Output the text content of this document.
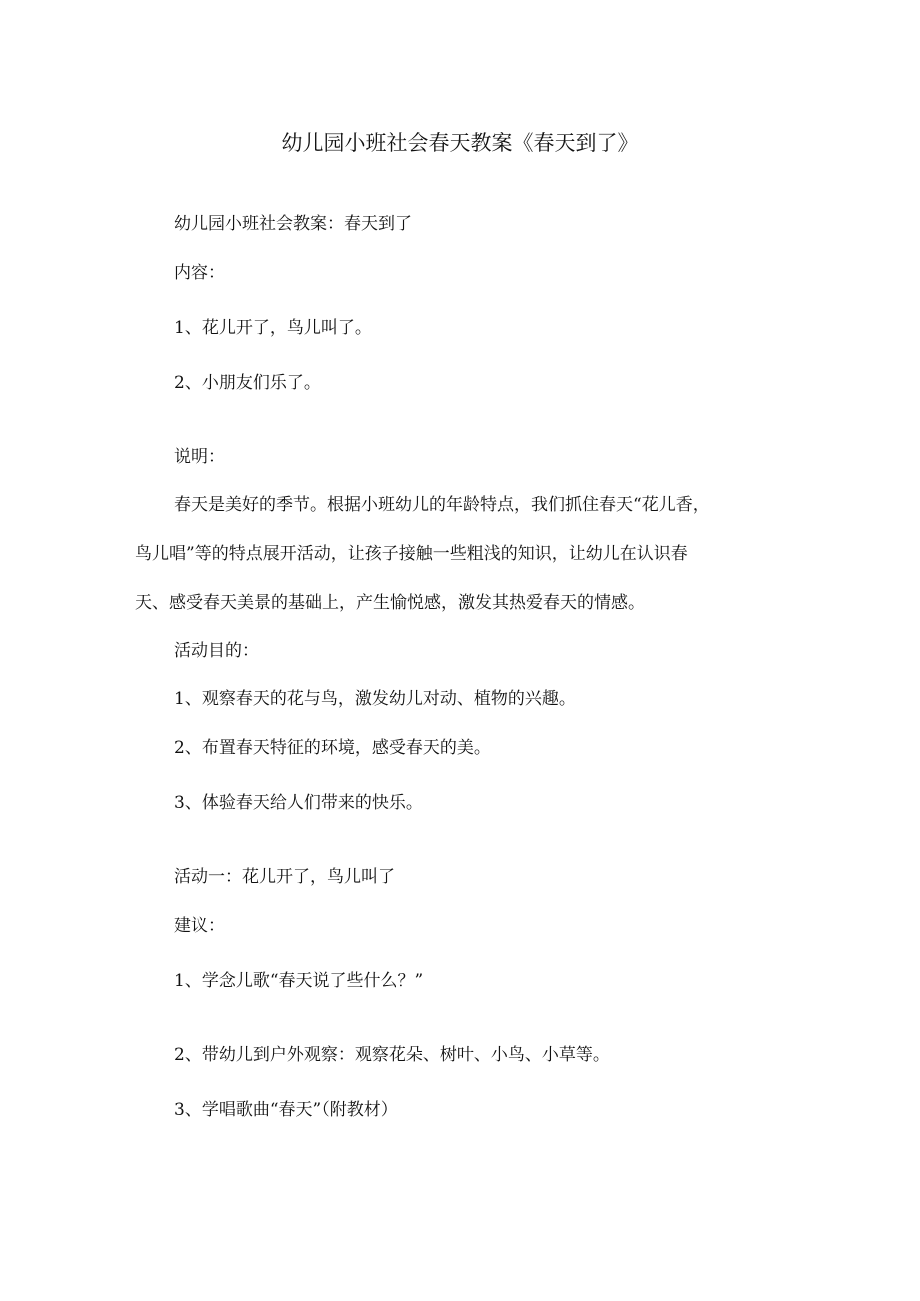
幼儿园小班社会春天教案《春天到了》
幼儿园小班社会教案：春天到了
内容：
1、花儿开了，鸟儿叫了。
2、小朋友们乐了。
说明：
春天是美好的季节。根据小班幼儿的年龄特点，我们抓住春天“花儿香，
鸟儿唱”等的特点展开活动，让孩子接触一些粗浅的知识，让幼儿在认识春
天、感受春天美景的基础上，产生愉悦感，激发其热爱春天的情感。
活动目的：
1、观察春天的花与鸟，激发幼儿对动、植物的兴趣。
2、布置春天特征的环境，感受春天的美。
3、体验春天给人们带来的快乐。
活动一：花儿开了，鸟儿叫了
建议：
1、学念儿歌“春天说了些什么？”
2、带幼儿到户外观察：观察花朵、树叶、小鸟、小草等。
3、学唱歌曲“春天”（附教材）
